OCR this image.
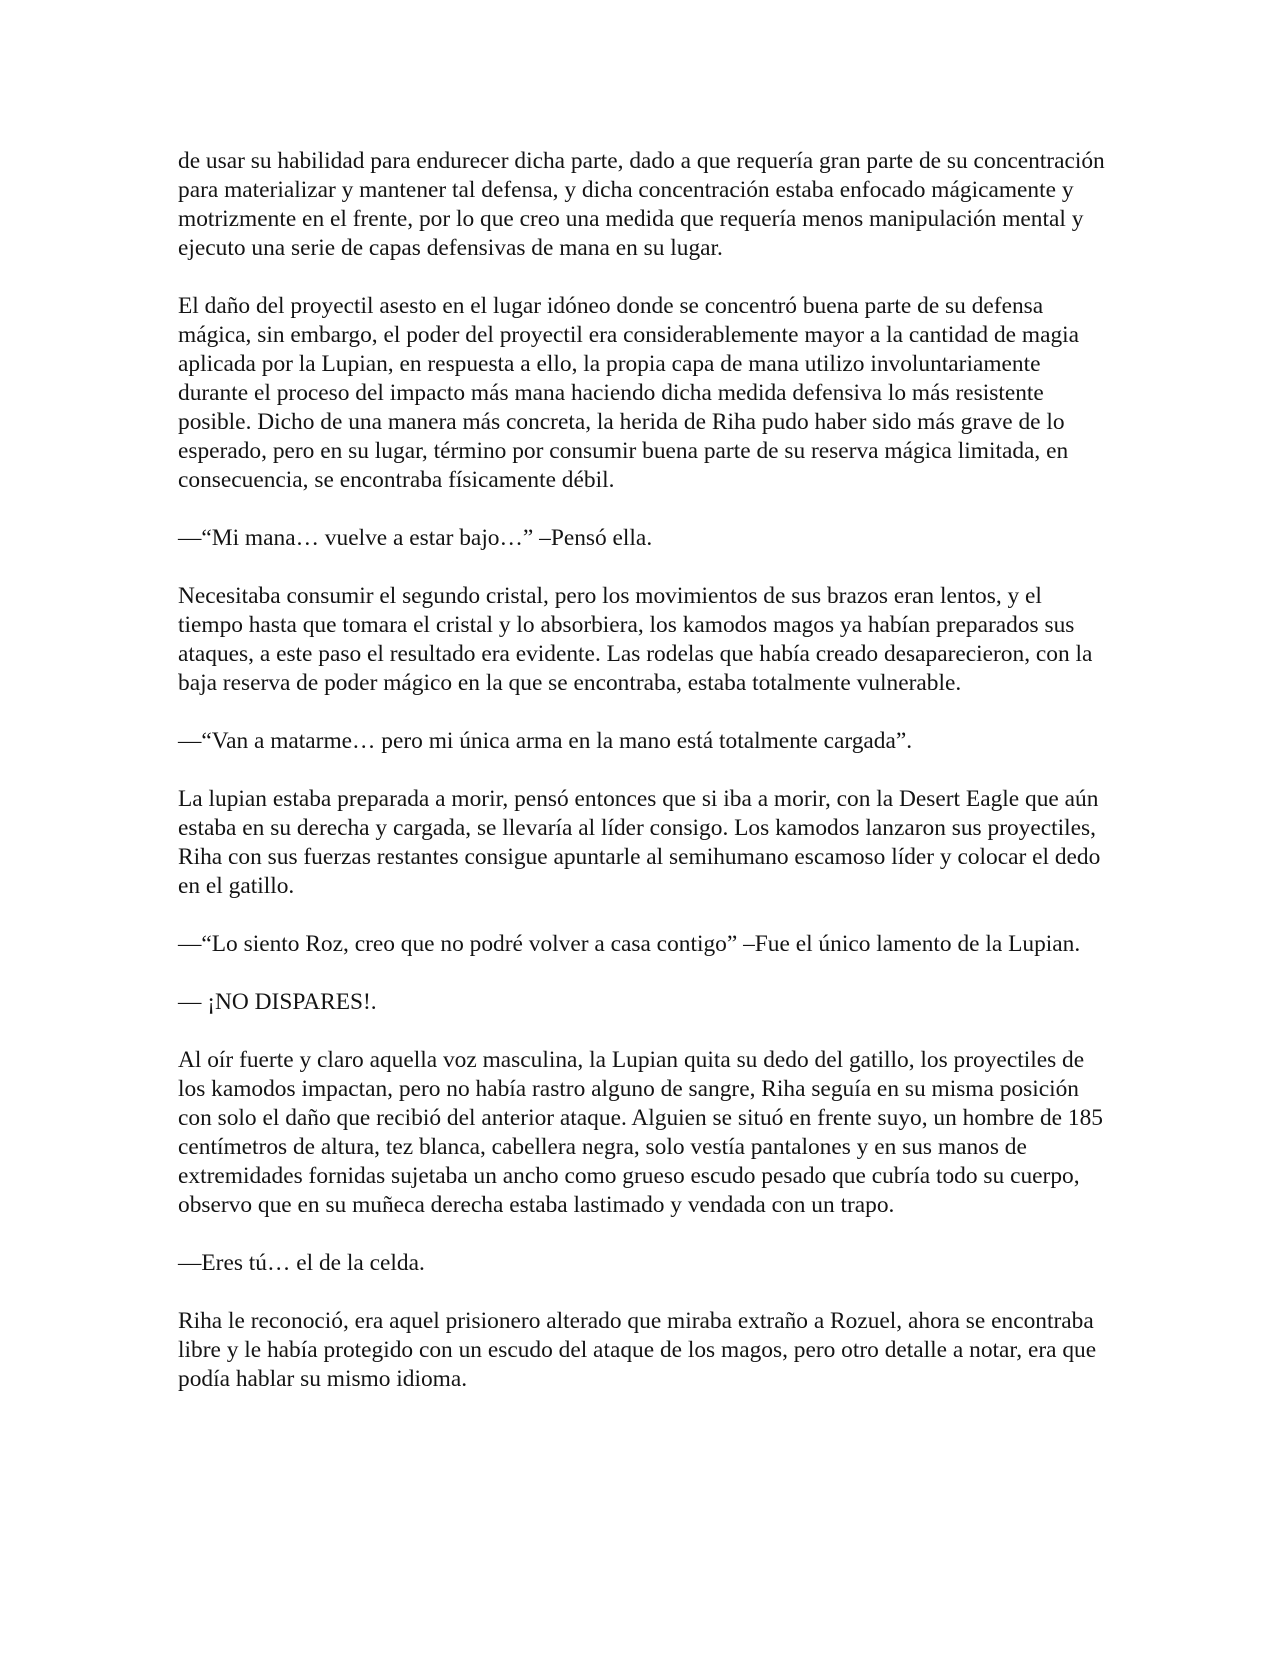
de usar su habilidad para endurecer dicha parte, dado a que requería gran parte de su concentración para materializar y mantener tal defensa, y dicha concentración estaba enfocado mágicamente y motrizmente en el frente, por lo que creo una medida que requería menos manipulación mental y ejecuto una serie de capas defensivas de mana en su lugar.

El daño del proyectil asesto en el lugar idóneo donde se concentró buena parte de su defensa mágica, sin embargo, el poder del proyectil era considerablemente mayor a la cantidad de magia aplicada por la Lupian, en respuesta a ello, la propia capa de mana utilizo involuntariamente durante el proceso del impacto más mana haciendo dicha medida defensiva lo más resistente posible. Dicho de una manera más concreta, la herida de Riha pudo haber sido más grave de lo esperado, pero en su lugar, término por consumir buena parte de su reserva mágica limitada, en consecuencia, se encontraba físicamente débil.

—“Mi mana… vuelve a estar bajo…” –Pensó ella.

Necesitaba consumir el segundo cristal, pero los movimientos de sus brazos eran lentos, y el tiempo hasta que tomara el cristal y lo absorbiera, los kamodos magos ya habían preparados sus ataques, a este paso el resultado era evidente. Las rodelas que había creado desaparecieron, con la baja reserva de poder mágico en la que se encontraba, estaba totalmente vulnerable.

—“Van a matarme… pero mi única arma en la mano está totalmente cargada”.

La lupian estaba preparada a morir, pensó entonces que si iba a morir, con la Desert Eagle que aún estaba en su derecha y cargada, se llevaría al líder consigo. Los kamodos lanzaron sus proyectiles, Riha con sus fuerzas restantes consigue apuntarle al semihumano escamoso líder y colocar el dedo en el gatillo.

—“Lo siento Roz, creo que no podré volver a casa contigo” –Fue el único lamento de la Lupian.

— ¡NO DISPARES!.

Al oír fuerte y claro aquella voz masculina, la Lupian quita su dedo del gatillo, los proyectiles de los kamodos impactan, pero no había rastro alguno de sangre, Riha seguía en su misma posición con solo el daño que recibió del anterior ataque. Alguien se situó en frente suyo, un hombre de 185 centímetros de altura, tez blanca, cabellera negra, solo vestía pantalones y en sus manos de extremidades fornidas sujetaba un ancho como grueso escudo pesado que cubría todo su cuerpo, observo que en su muñeca derecha estaba lastimado y vendada con un trapo.

—Eres tú… el de la celda.

Riha le reconoció, era aquel prisionero alterado que miraba extraño a Rozuel, ahora se encontraba libre y le había protegido con un escudo del ataque de los magos, pero otro detalle a notar, era que podía hablar su mismo idioma.
